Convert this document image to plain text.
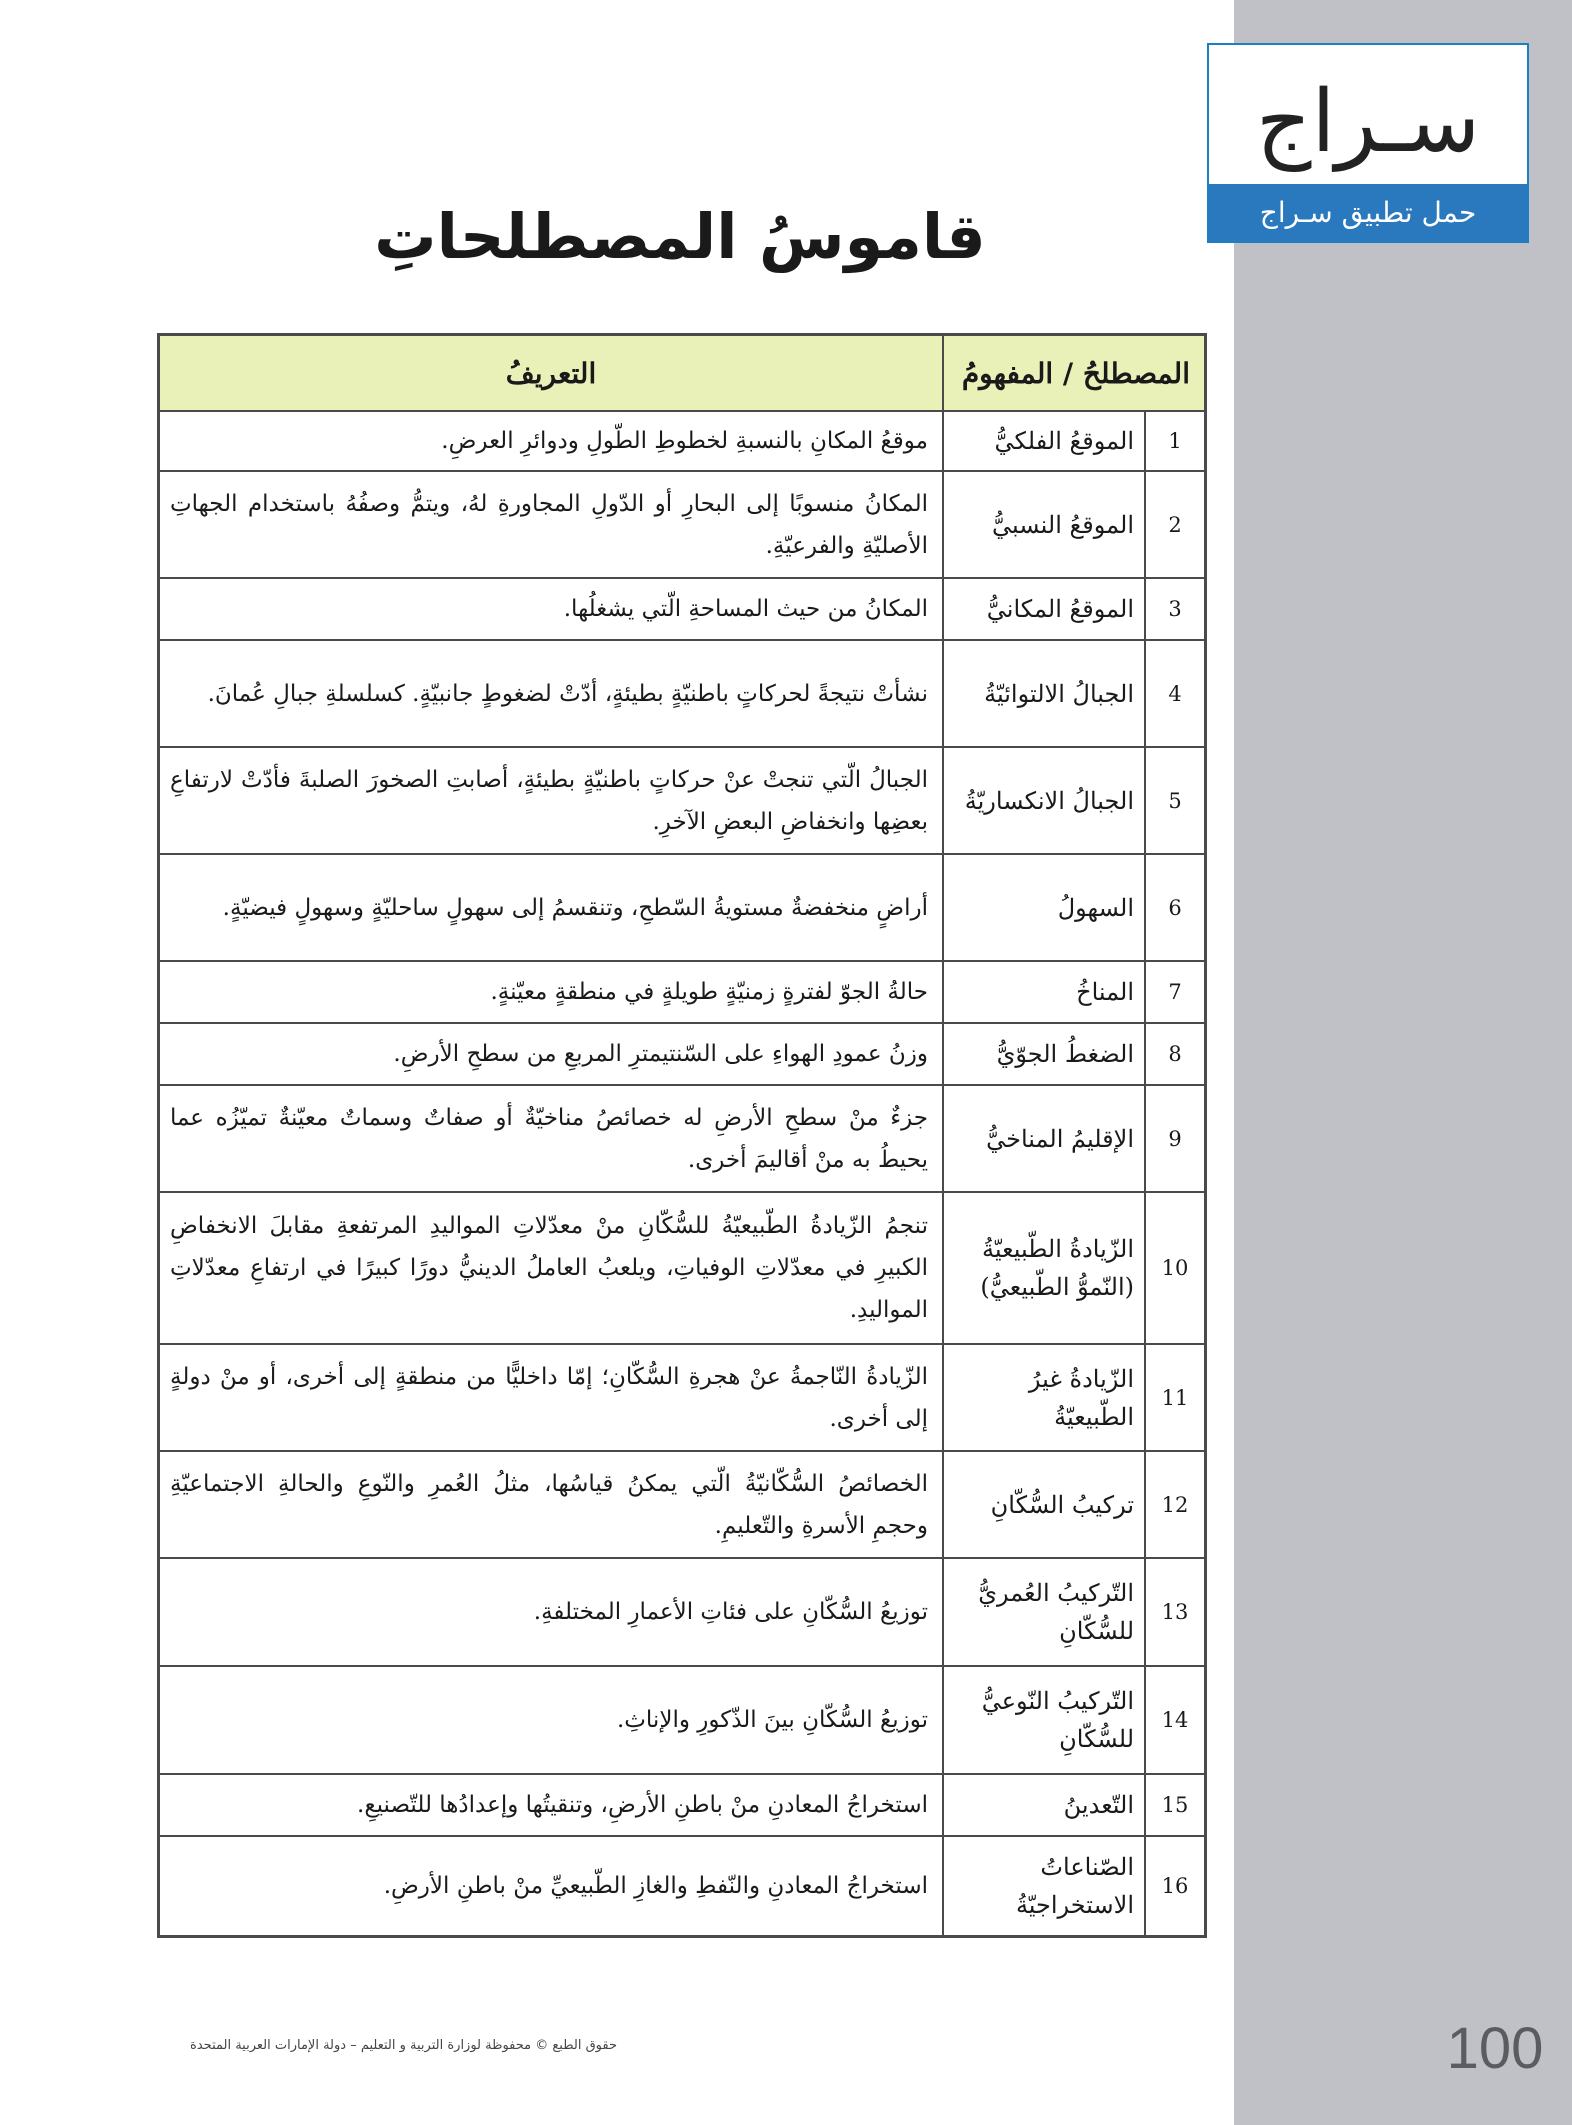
سـراج
حمل تطبيق سـراج
قاموسُ المصطلحاتِ
المصطلحُ / المفهومُ		التعريفُ
1	الموقعُ الفلكيُّ	موقعُ المكانِ بالنسبةِ لخطوطِ الطّولِ ودوائرِ العرضِ.
2	الموقعُ النسبيُّ	المكانُ منسوبًا إلى البحارِ أو الدّولِ المجاورةِ لهُ، ويتمُّ وصفُهُ باستخدام الجهاتِ الأصليّةِ والفرعيّةِ.
3	الموقعُ المكانيُّ	المكانُ من حيث المساحةِ الّتي يشغلُها.
4	الجبالُ الالتوائيّةُ	نشأتْ نتيجةً لحركاتٍ باطنيّةٍ بطيئةٍ، أدّتْ لضغوطٍ جانبيّةٍ. كسلسلةِ جبالِ عُمانَ.
5	الجبالُ الانكساريّةُ	الجبالُ الّتي تنجتْ عنْ حركاتٍ باطنيّةٍ بطيئةٍ، أصابتِ الصخورَ الصلبةَ فأدّتْ لارتفاعِ بعضِها وانخفاضِ البعضِ الآخرِ.
6	السهولُ	أراضٍ منخفضةٌ مستويةُ السّطحِ، وتنقسمُ إلى سهولٍ ساحليّةٍ وسهولٍ فيضيّةٍ.
7	المناخُ	حالةُ الجوّ لفترةٍ زمنيّةٍ طويلةٍ في منطقةٍ معيّنةٍ.
8	الضغطُ الجوّيُّ	وزنُ عمودِ الهواءِ على السّنتيمترِ المربعِ من سطحِ الأرضِ.
9	الإقليمُ المناخيُّ	جزءٌ منْ سطحِ الأرضِ له خصائصُ مناخيّةٌ أو صفاتٌ وسماتٌ معيّنةٌ تميّزُه عما يحيطُ به منْ أقاليمَ أخرى.
10	الزّيادةُ الطّبيعيّةُ (النّموُّ الطّبيعيُّ)	تنجمُ الزّيادةُ الطّبيعيّةُ للسُّكّانِ منْ معدّلاتِ المواليدِ المرتفعةِ مقابلَ الانخفاضِ الكبيرِ في معدّلاتِ الوفياتِ، ويلعبُ العاملُ الدينيُّ دورًا كبيرًا في ارتفاعِ معدّلاتِ المواليدِ.
11	الزّيادةُ غيرُ الطّبيعيّةُ	الزّيادةُ النّاجمةُ عنْ هجرةِ السُّكّانِ؛ إمّا داخليًّا من منطقةٍ إلى أخرى، أو منْ دولةٍ إلى أخرى.
12	تركيبُ السُّكّانِ	الخصائصُ السُّكّانيّةُ الّتي يمكنُ قياسُها، مثلُ العُمرِ والنّوعِ والحالةِ الاجتماعيّةِ وحجمِ الأسرةِ والتّعليمِ.
13	التّركيبُ العُمريُّ للسُّكّانِ	توزيعُ السُّكّانِ على فئاتِ الأعمارِ المختلفةِ.
14	التّركيبُ النّوعيُّ للسُّكّانِ	توزيعُ السُّكّانِ بينَ الذّكورِ والإناثِ.
15	التّعدينُ	استخراجُ المعادنِ منْ باطنِ الأرضِ، وتنقيتُها وإعدادُها للتّصنيعِ.
16	الصّناعاتُ الاستخراجيّةُ	استخراجُ المعادنِ والنّفطِ والغازِ الطّبيعيِّ منْ باطنِ الأرضِ.
حقوق الطبع © محفوظة لوزارة التربية و التعليم – دولة الإمارات العربية المتحدة	100
